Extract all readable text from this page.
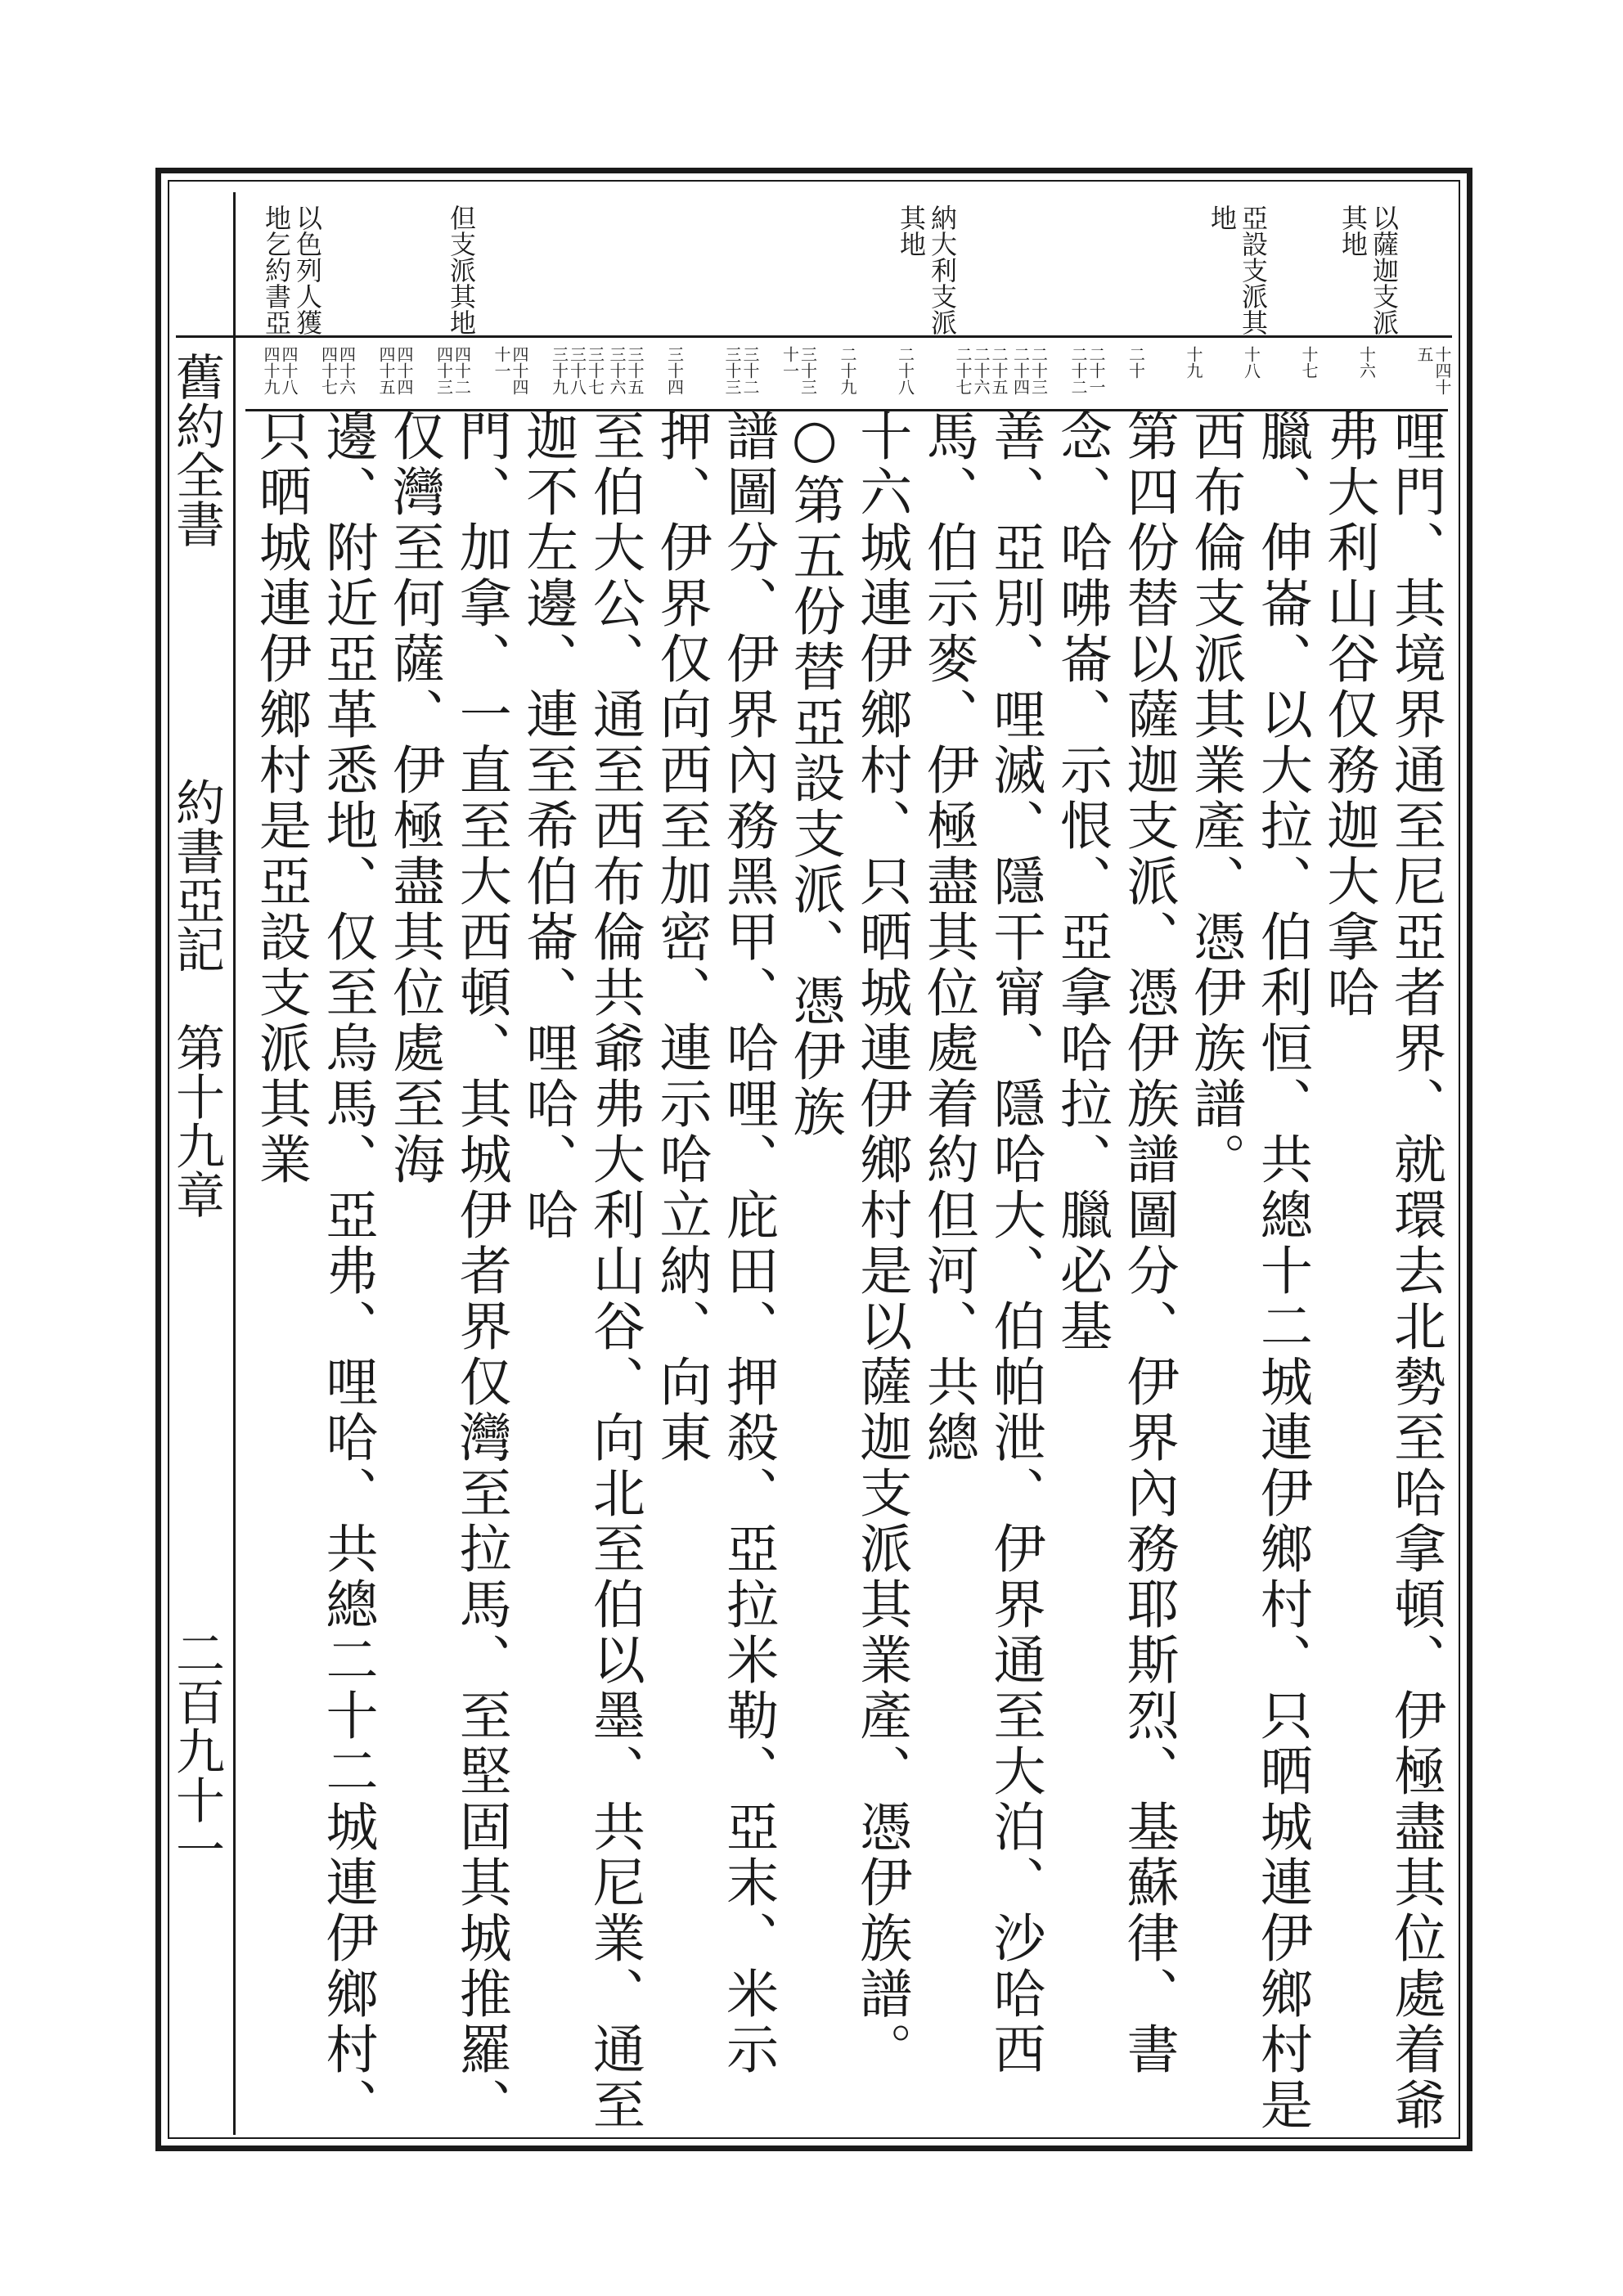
以薩迦支派其地
亞設支派其地
納大利支派其地
但支派其地
以色列人獲地乞約書亞
舊約全書
約書亞記　第十九章
二百九十一
十四十五
十六
十七
十八
十九
二十
二十一二十二
二十三二十四
二十五二十六二十七
二十八
二十九
三十三十一
三十二三十三
三十四
三十五三十六
三十七三十八三十九
四十四十一
四十二四十三
四十四四十五
四十六四十七
四十八四十九

哩門、其境界通至尼亞者界、就環去北勢至哈拿頓、伊極盡其位處着爺弗大利山谷仅務迦大拿哈

臘、伸崙、以大拉、伯利恒、共總十二城連伊鄉村、只晒城連伊鄉村是西布倫支派其業產、憑伊族譜。

第四份替以薩迦支派、憑伊族譜圖分、伊界內務耶斯烈、基蘇律、書念、哈咈崙、示恨、亞拿哈拉、臘必基

善、亞別、哩滅、隱干甯、隱哈大、伯帕泄、伊界通至大泊、沙哈西馬、伯示麥、伊極盡其位處着約但河、共總

十六城連伊鄉村、只晒城連伊鄉村是以薩迦支派其業產、憑伊族譜。○第五份替亞設支派、憑伊族

譜圖分、伊界內務黑甲、哈哩、庇田、押殺、亞拉米勒、亞末、米示押、伊界仅向西至加密、連示哈立納、向東

至伯大公、通至西布倫共爺弗大利山谷、向北至伯以墨、共尼業、通至迦不左邊、連至希伯崙、哩哈、哈

門、加拿、一直至大西頓、其城伊者界仅灣至拉馬、至堅固其城推羅、仅灣至何薩、伊極盡其位處至海

邊、附近亞革悉地、仅至烏馬、亞弗、哩哈、共總二十二城連伊鄉村、只晒城連伊鄉村是亞設支派其業
